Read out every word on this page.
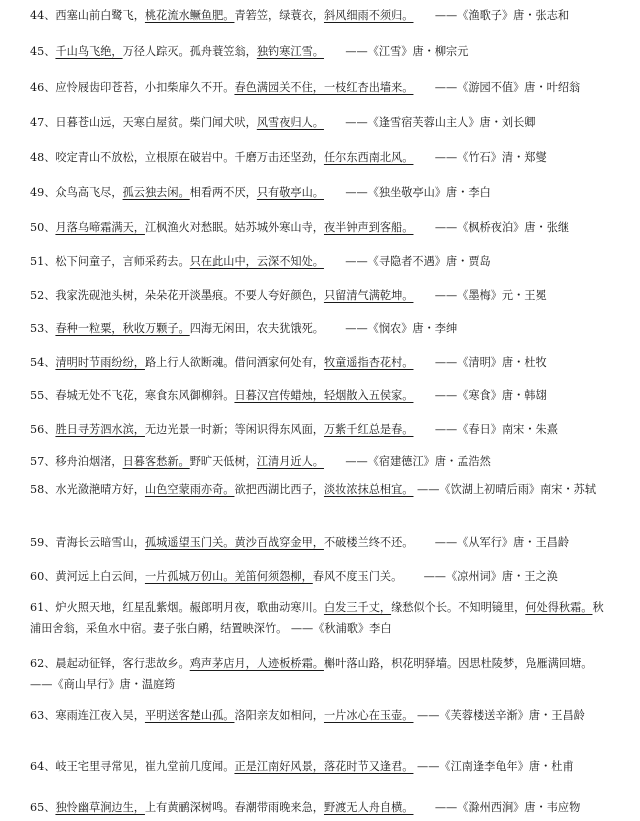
44、西塞山前白鹭飞，桃花流水鳜鱼肥。青箬笠，绿蓑衣，斜风细雨不须归。      ——《渔歌子》唐・张志和
45、千山鸟飞绝，万径人踪灭。孤舟蓑笠翁，独钓寒江雪。      ——《江雪》唐・柳宗元
46、应怜屐齿印苍苔，小扣柴扉久不开。春色满园关不住，一枝红杏出墙来。      ——《游园不值》唐・叶绍翁
47、日暮苍山远，天寒白屋贫。柴门闻犬吠，风雪夜归人。      ——《逢雪宿芙蓉山主人》唐・刘长卿
48、咬定青山不放松，立根原在破岩中。千磨万击还坚劲，任尔东西南北风。      ——《竹石》清・郑燮
49、众鸟高飞尽，孤云独去闲。相看两不厌，只有敬亭山。      ——《独坐敬亭山》唐・李白
50、月落乌啼霜满天，江枫渔火对愁眠。姑苏城外寒山寺，夜半钟声到客船。      ——《枫桥夜泊》唐・张继
51、松下问童子，言师采药去。只在此山中，云深不知处。      ——《寻隐者不遇》唐・贾岛
52、我家洗砚池头树，朵朵花开淡墨痕。不要人夸好颜色，只留清气满乾坤。      ——《墨梅》元・王冕
53、春种一粒粟，秋收万颗子。四海无闲田，农夫犹饿死。      ——《悯农》唐・李绅
54、清明时节雨纷纷，路上行人欲断魂。借问酒家何处有，牧童遥指杏花村。      ——《清明》唐・杜牧
55、春城无处不飞花，寒食东风御柳斜。日暮汉宫传蜡烛，轻烟散入五侯家。      ——《寒食》唐・韩翃
56、胜日寻芳泗水滨，无边光景一时新；等闲识得东风面，万紫千红总是春。      ——《春日》南宋・朱熹
57、移舟泊烟渚，日暮客愁新。野旷天低树，江清月近人。      ——《宿建德江》唐・孟浩然
58、水光潋滟晴方好，山色空蒙雨亦奇。欲把西湖比西子，淡妆浓抹总相宜。 ——《饮湖上初晴后雨》南宋・苏轼
59、青海长云暗雪山，孤城遥望玉门关。黄沙百战穿金甲，不破楼兰终不还。      ——《从军行》唐・王昌龄
60、黄河远上白云间，一片孤城万仞山。羌笛何须怨柳，春风不度玉门关。      ——《凉州词》唐・王之涣
61、炉火照天地，红星乱紫烟。赧郎明月夜，歌曲动寒川。白发三千丈，缘愁似个长。不知明镜里，何处得秋霜。秋浦田舍翁，采鱼水中宿。妻子张白鹇，结置映深竹。 ——《秋浦歌》李白
62、晨起动征铎，客行悲故乡。鸡声茅店月，人迹板桥霜。槲叶落山路，枳花明驿墙。因思杜陵梦，凫雁满回塘。——《商山早行》唐・温庭筠
63、寒雨连江夜入吴，平明送客楚山孤。洛阳亲友如相问，一片冰心在玉壶。 ——《芙蓉楼送辛渐》唐・王昌龄
64、岐王宅里寻常见，崔九堂前几度闻。正是江南好风景，落花时节又逢君。 ——《江南逢李龟年》唐・杜甫
65、独怜幽草涧边生，上有黄鹂深树鸣。春潮带雨晚来急，野渡无人舟自横。      ——《滁州西涧》唐・韦应物
